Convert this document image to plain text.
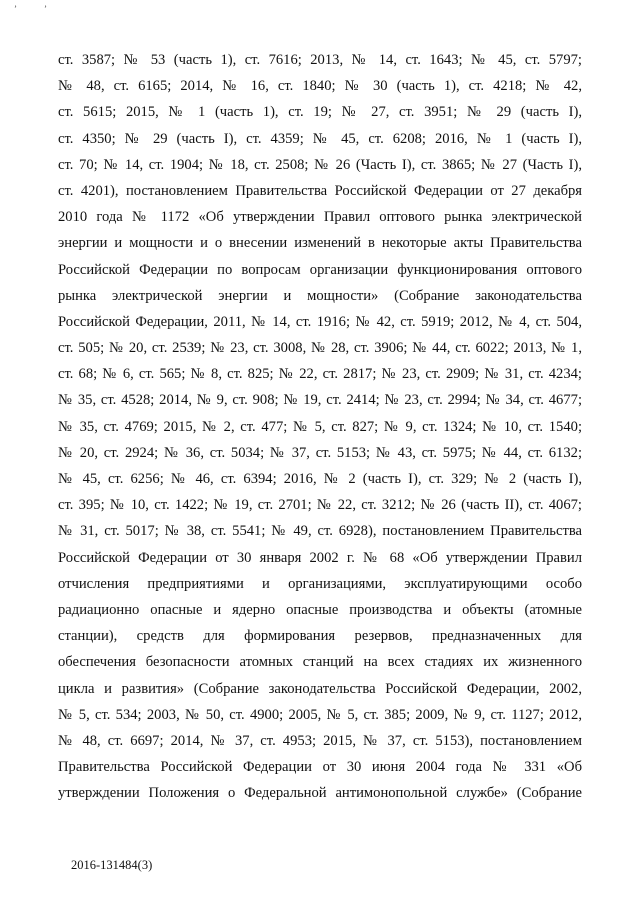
ʼ	ʼ
ст. 3587; № 53 (часть 1), ст. 7616; 2013, № 14, ст. 1643; № 45, ст. 5797;
№ 48, ст. 6165; 2014, № 16, ст. 1840; № 30 (часть 1), ст. 4218; № 42,
ст. 5615; 2015, № 1 (часть 1), ст. 19; № 27, ст. 3951; № 29 (часть I),
ст. 4350; № 29 (часть I), ст. 4359; № 45, ст. 6208; 2016, № 1 (часть I),
ст. 70; № 14, ст. 1904; № 18, ст. 2508; № 26 (Часть I), ст. 3865; № 27 (Часть I),
ст. 4201), постановлением Правительства Российской Федерации от 27 декабря
2010 года № 1172 «Об утверждении Правил оптового рынка электрической
энергии и мощности и о внесении изменений в некоторые акты Правительства
Российской Федерации по вопросам организации функционирования оптового
рынка электрической энергии и мощности» (Собрание законодательства
Российской Федерации, 2011, № 14, ст. 1916; № 42, ст. 5919; 2012, № 4, ст. 504,
ст. 505; № 20, ст. 2539; № 23, ст. 3008, № 28, ст. 3906; № 44, ст. 6022; 2013, № 1,
ст. 68; № 6, ст. 565; № 8, ст. 825; № 22, ст. 2817; № 23, ст. 2909; № 31, ст. 4234;
№ 35, ст. 4528; 2014, № 9, ст. 908; № 19, ст. 2414; № 23, ст. 2994; № 34, ст. 4677;
№ 35, ст. 4769; 2015, № 2, ст. 477; № 5, ст. 827; № 9, ст. 1324; № 10, ст. 1540;
№ 20, ст. 2924; № 36, ст. 5034; № 37, ст. 5153; № 43, ст. 5975; № 44, ст. 6132;
№ 45, ст. 6256; № 46, ст. 6394; 2016, № 2 (часть I), ст. 329; № 2 (часть I),
ст. 395; № 10, ст. 1422; № 19, ст. 2701; № 22, ст. 3212; № 26 (часть II), ст. 4067;
№ 31, ст. 5017; № 38, ст. 5541; № 49, ст. 6928), постановлением Правительства
Российской Федерации от 30 января 2002 г. № 68 «Об утверждении Правил
отчисления предприятиями и организациями, эксплуатирующими особо
радиационно опасные и ядерно опасные производства и объекты (атомные
станции), средств для формирования резервов, предназначенных для
обеспечения безопасности атомных станций на всех стадиях их жизненного
цикла и развития» (Собрание законодательства Российской Федерации, 2002,
№ 5, ст. 534; 2003, № 50, ст. 4900; 2005, № 5, ст. 385; 2009, № 9, ст. 1127; 2012,
№ 48, ст. 6697; 2014, № 37, ст. 4953; 2015, № 37, ст. 5153), постановлением
Правительства Российской Федерации от 30 июня 2004 года № 331 «Об
утверждении Положения о Федеральной антимонопольной службе» (Собрание
2016-131484(3)
